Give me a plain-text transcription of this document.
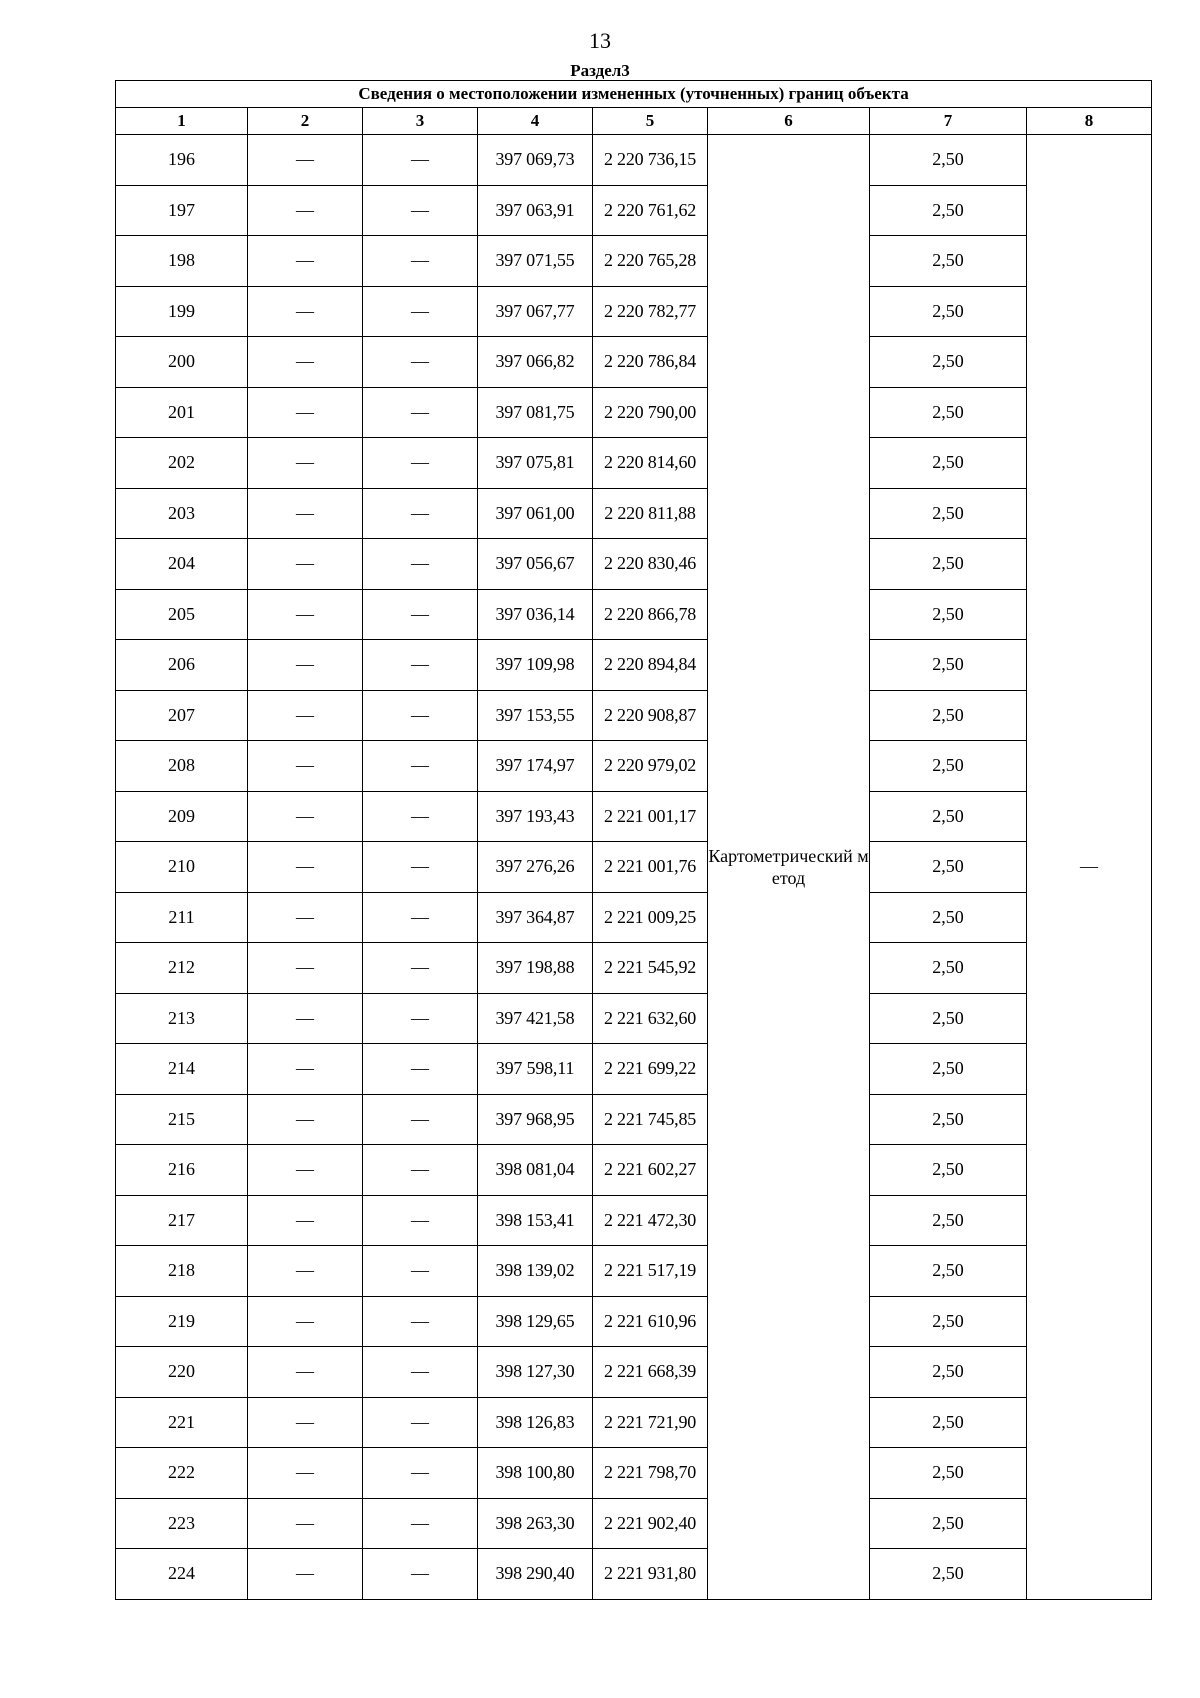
13
Раздел3
Сведения о местоположении измененных (уточненных) границ объекта							
1	2	3	4	5	6	7	8
196	—	—	397 069,73	2 220 736,15	Картометрический метод	2,50	—
197	—	—	397 063,91	2 220 761,62		2,50	
198	—	—	397 071,55	2 220 765,28		2,50	
199	—	—	397 067,77	2 220 782,77		2,50	
200	—	—	397 066,82	2 220 786,84		2,50	
201	—	—	397 081,75	2 220 790,00		2,50	
202	—	—	397 075,81	2 220 814,60		2,50	
203	—	—	397 061,00	2 220 811,88		2,50	
204	—	—	397 056,67	2 220 830,46		2,50	
205	—	—	397 036,14	2 220 866,78		2,50	
206	—	—	397 109,98	2 220 894,84		2,50	
207	—	—	397 153,55	2 220 908,87		2,50	
208	—	—	397 174,97	2 220 979,02		2,50	
209	—	—	397 193,43	2 221 001,17		2,50	
210	—	—	397 276,26	2 221 001,76		2,50	
211	—	—	397 364,87	2 221 009,25		2,50	
212	—	—	397 198,88	2 221 545,92		2,50	
213	—	—	397 421,58	2 221 632,60		2,50	
214	—	—	397 598,11	2 221 699,22		2,50	
215	—	—	397 968,95	2 221 745,85		2,50	
216	—	—	398 081,04	2 221 602,27		2,50	
217	—	—	398 153,41	2 221 472,30		2,50	
218	—	—	398 139,02	2 221 517,19		2,50	
219	—	—	398 129,65	2 221 610,96		2,50	
220	—	—	398 127,30	2 221 668,39		2,50	
221	—	—	398 126,83	2 221 721,90		2,50	
222	—	—	398 100,80	2 221 798,70		2,50	
223	—	—	398 263,30	2 221 902,40		2,50	
224	—	—	398 290,40	2 221 931,80		2,50	
